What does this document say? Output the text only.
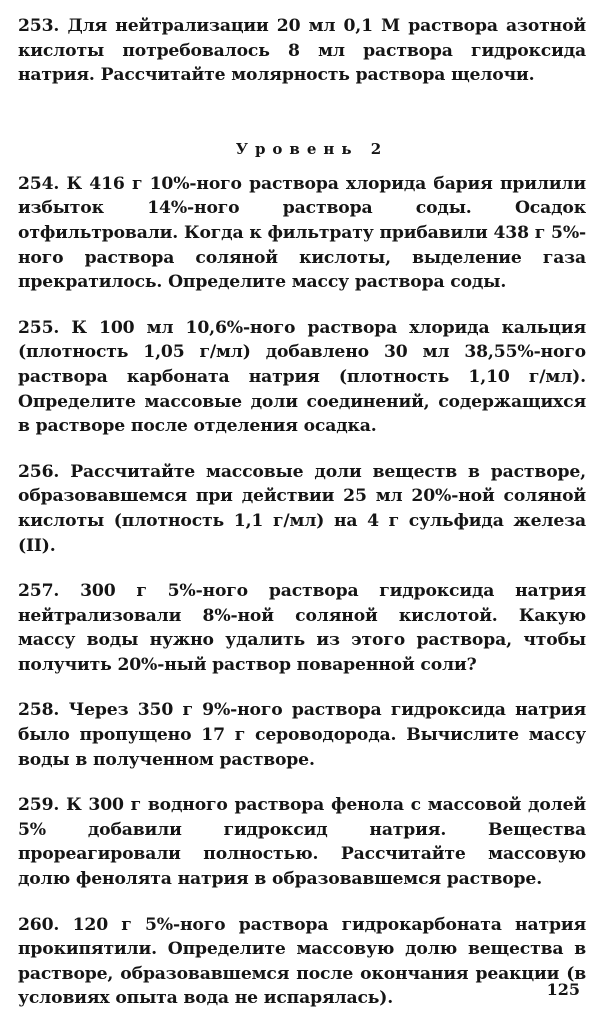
253. Для нейтрализации 20 мл 0,1 М раствора азотной кислоты потребовалось 8 мл раствора гидроксида натрия. Рассчитайте молярность раствора щелочи.

Уровень 2

254. К 416 г 10%-ного раствора хлорида бария прилили избыток 14%-ного раствора соды. Осадок отфильтровали. Когда к фильтрату прибавили 438 г 5%-ного раствора соляной кислоты, выделение газа прекратилось. Определите массу раствора соды.

255. К 100 мл 10,6%-ного раствора хлорида кальция (плотность 1,05 г/мл) добавлено 30 мл 38,55%-ного раствора карбоната натрия (плотность 1,10 г/мл). Определите массовые доли соединений, содержащихся в растворе после отделения осадка.

256. Рассчитайте массовые доли веществ в растворе, образовавшемся при действии 25 мл 20%-ной соляной кислоты (плотность 1,1 г/мл) на 4 г сульфида железа (II).

257. 300 г 5%-ного раствора гидроксида натрия нейтрализовали 8%-ной соляной кислотой. Какую массу воды нужно удалить из этого раствора, чтобы получить 20%-ный раствор поваренной соли?

258. Через 350 г 9%-ного раствора гидроксида натрия было пропущено 17 г сероводорода. Вычислите массу воды в полученном растворе.

259. К 300 г водного раствора фенола с массовой долей 5% добавили гидроксид натрия. Вещества прореагировали полностью. Рассчитайте массовую долю фенолята натрия в образовавшемся растворе.

260. 120 г 5%-ного раствора гидрокарбоната натрия прокипятили. Определите массовую долю вещества в растворе, образовавшемся после окончания реакции (в условиях опыта вода не испарялась).	125
